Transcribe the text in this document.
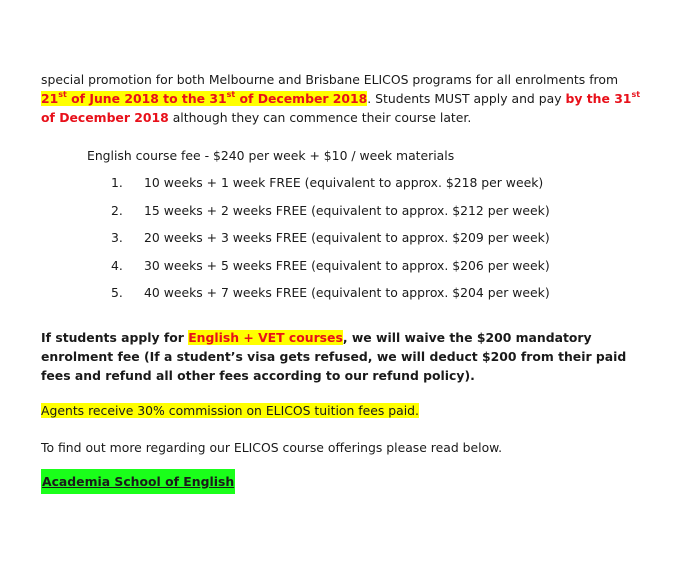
special promotion for both Melbourne and Brisbane ELICOS programs for all enrolments from
21st of June 2018 to the 31st of December 2018. Students MUST apply and pay by the 31st
of December 2018 although they can commence their course later.

English course fee - $240 per week + $10 / week materials

1. 10 weeks + 1 week FREE (equivalent to approx. $218 per week)
2. 15 weeks + 2 weeks FREE (equivalent to approx. $212 per week)
3. 20 weeks + 3 weeks FREE (equivalent to approx. $209 per week)
4. 30 weeks + 5 weeks FREE (equivalent to approx. $206 per week)
5. 40 weeks + 7 weeks FREE (equivalent to approx. $204 per week)

If students apply for English + VET courses, we will waive the $200 mandatory enrolment fee (If a student’s visa gets refused, we will deduct $200 from their paid fees and refund all other fees according to our refund policy).

Agents receive 30% commission on ELICOS tuition fees paid.

To find out more regarding our ELICOS course offerings please read below.

Academia School of English
